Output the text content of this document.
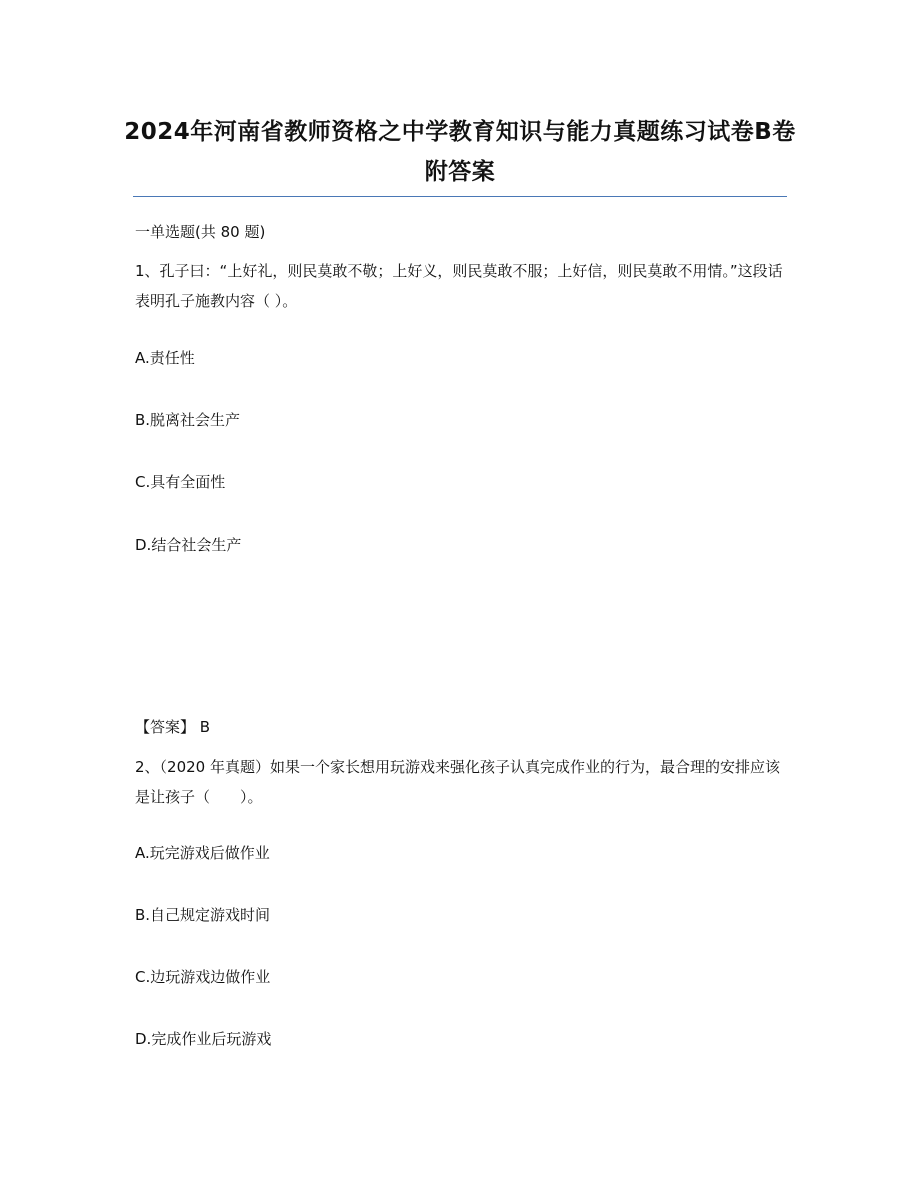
2024年河南省教师资格之中学教育知识与能力真题练习试卷B卷附答案
一单选题(共 80 题)

1、孔子曰：“上好礼，则民莫敢不敬；上好义，则民莫敢不服；上好信，则民莫敢不用情。”这段话表明孔子施教内容（ ）。

A.责任性
B.脱离社会生产
C.具有全面性
D.结合社会生产
【答案】 B

2、（2020 年真题）如果一个家长想用玩游戏来强化孩子认真完成作业的行为，最合理的安排应该是让孩子（　　）。

A.玩完游戏后做作业
B.自己规定游戏时间
C.边玩游戏边做作业
D.完成作业后玩游戏
